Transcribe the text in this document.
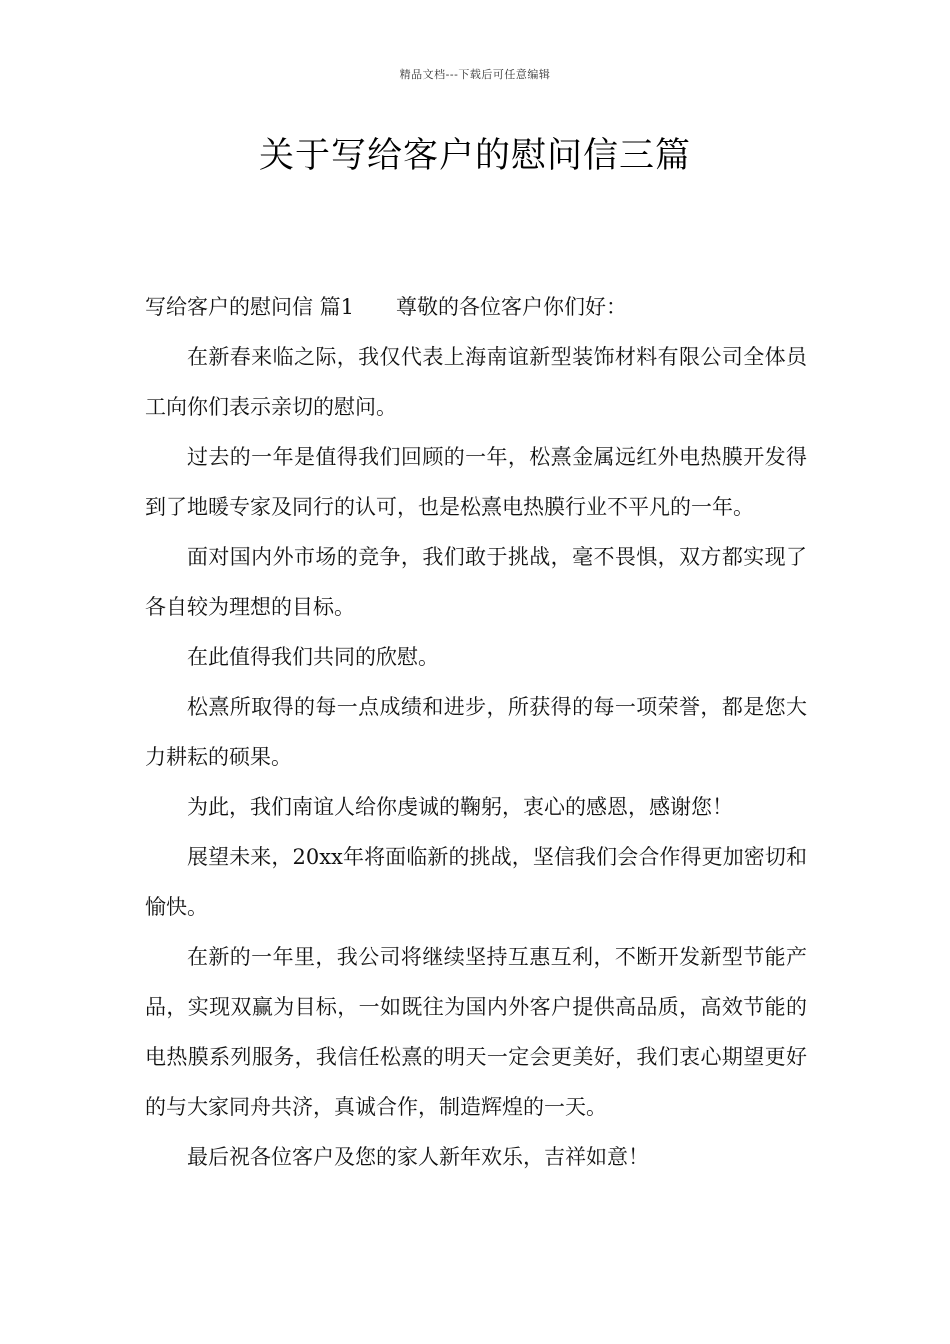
精品文档---下载后可任意编辑
关于写给客户的慰问信三篇

写给客户的慰问信 篇1 尊敬的各位客户你们好：

在新春来临之际，我仅代表上海南谊新型装饰材料有限公司全体员工向你们表示亲切的慰问。

过去的一年是值得我们回顾的一年，松熹金属远红外电热膜开发得到了地暖专家及同行的认可，也是松熹电热膜行业不平凡的一年。

面对国内外市场的竞争，我们敢于挑战，毫不畏惧，双方都实现了各自较为理想的目标。

在此值得我们共同的欣慰。

松熹所取得的每一点成绩和进步，所获得的每一项荣誉，都是您大力耕耘的硕果。

为此，我们南谊人给你虔诚的鞠躬，衷心的感恩，感谢您！

展望未来，20xx年将面临新的挑战，坚信我们会合作得更加密切和愉快。

在新的一年里，我公司将继续坚持互惠互利，不断开发新型节能产品，实现双赢为目标，一如既往为国内外客户提供高品质，高效节能的电热膜系列服务，我信任松熹的明天一定会更美好，我们衷心期望更好的与大家同舟共济，真诚合作，制造辉煌的一天。

最后祝各位客户及您的家人新年欢乐，吉祥如意！
